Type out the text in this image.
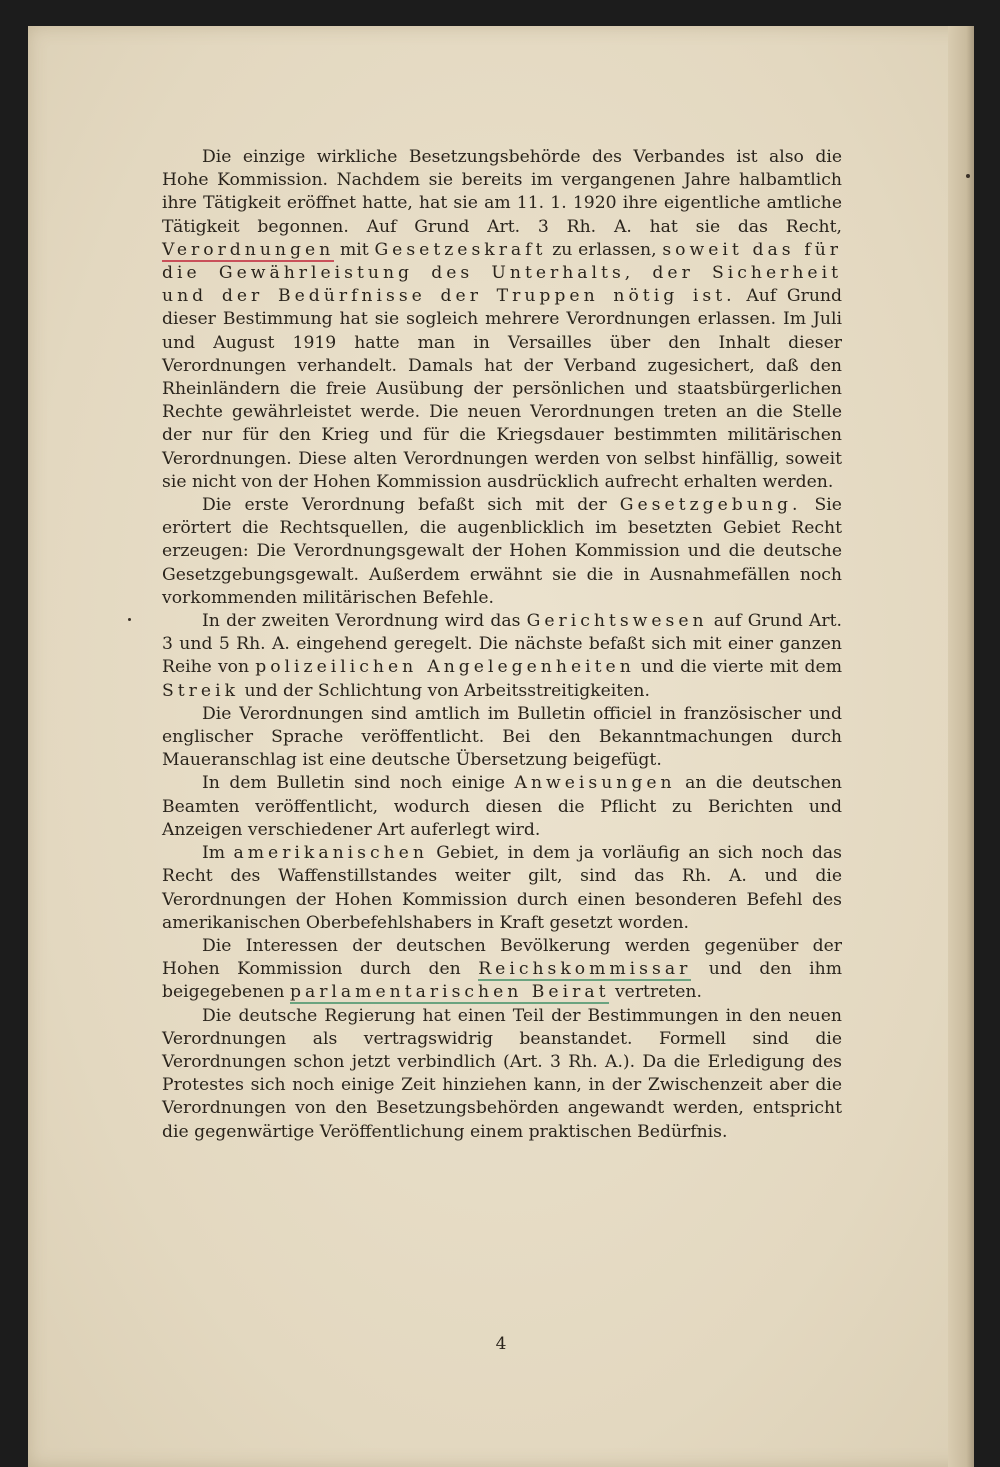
Die einzige wirkliche Besetzungsbehörde des Verbandes ist also die Hohe Kommission. Nachdem sie bereits im vergangenen Jahre halbamtlich ihre Tätigkeit eröffnet hatte, hat sie am 11. 1. 1920 ihre eigentliche amtliche Tätigkeit begonnen. Auf Grund Art. 3 Rh. A. hat sie das Recht, Verordnungen mit Gesetzeskraft zu erlassen, soweit das für die Gewährleistung des Unterhalts, der Sicherheit und der Bedürfnisse der Truppen nötig ist. Auf Grund dieser Bestimmung hat sie sogleich mehrere Verordnungen erlassen. Im Juli und August 1919 hatte man in Versailles über den Inhalt dieser Verordnungen verhandelt. Damals hat der Verband zugesichert, daß den Rheinländern die freie Ausübung der persönlichen und staatsbürgerlichen Rechte gewährleistet werde. Die neuen Verordnungen treten an die Stelle der nur für den Krieg und für die Kriegsdauer bestimmten militärischen Verordnungen. Diese alten Verordnungen werden von selbst hinfällig, soweit sie nicht von der Hohen Kommission ausdrücklich aufrecht erhalten werden.

Die erste Verordnung befaßt sich mit der Gesetzgebung. Sie erörtert die Rechtsquellen, die augenblicklich im besetzten Gebiet Recht erzeugen: Die Verordnungsgewalt der Hohen Kommission und die deutsche Gesetzgebungsgewalt. Außerdem erwähnt sie die in Ausnahmefällen noch vorkommenden militärischen Befehle.

In der zweiten Verordnung wird das Gerichtswesen auf Grund Art. 3 und 5 Rh. A. eingehend geregelt. Die nächste befaßt sich mit einer ganzen Reihe von polizeilichen Angelegenheiten und die vierte mit dem Streik und der Schlichtung von Arbeitsstreitigkeiten.

Die Verordnungen sind amtlich im Bulletin officiel in französischer und englischer Sprache veröffentlicht. Bei den Bekanntmachungen durch Maueranschlag ist eine deutsche Übersetzung beigefügt.

In dem Bulletin sind noch einige Anweisungen an die deutschen Beamten veröffentlicht, wodurch diesen die Pflicht zu Berichten und Anzeigen verschiedener Art auferlegt wird.

Im amerikanischen Gebiet, in dem ja vorläufig an sich noch das Recht des Waffenstillstandes weiter gilt, sind das Rh. A. und die Verordnungen der Hohen Kommission durch einen besonderen Befehl des amerikanischen Oberbefehlshabers in Kraft gesetzt worden.

Die Interessen der deutschen Bevölkerung werden gegenüber der Hohen Kommission durch den Reichskommissar und den ihm beigegebenen parlamentarischen Beirat vertreten.

Die deutsche Regierung hat einen Teil der Bestimmungen in den neuen Verordnungen als vertragswidrig beanstandet. Formell sind die Verordnungen schon jetzt verbindlich (Art. 3 Rh. A.). Da die Erledigung des Protestes sich noch einige Zeit hinziehen kann, in der Zwischenzeit aber die Verordnungen von den Besetzungsbehörden angewandt werden, entspricht die gegenwärtige Veröffentlichung einem praktischen Bedürfnis.

4
